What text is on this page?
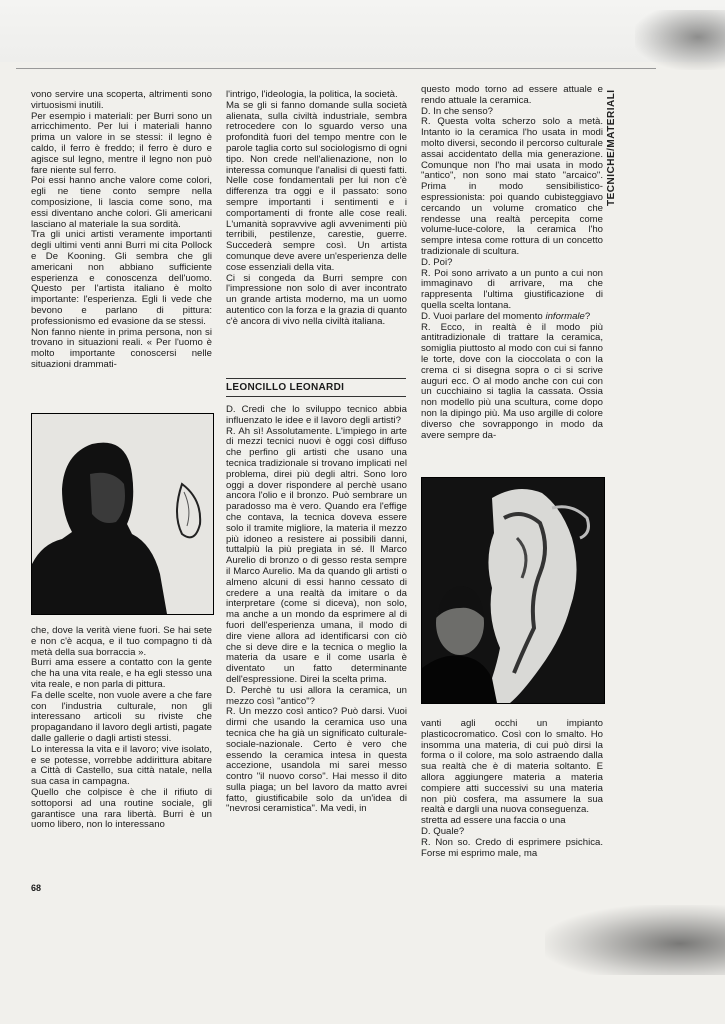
TECNICHE/MATERIALI

vono servire una scoperta, altrimenti sono virtuosismi inutili.

Per esempio i materiali: per Burri sono un arricchimento. Per lui i materiali hanno prima un valore in se stessi: il legno è caldo, il ferro è freddo; il ferro è duro e agisce sul legno, mentre il legno non può fare niente sul ferro.

Poi essi hanno anche valore come colori, egli ne tiene conto sempre nella composizione, li lascia come sono, ma essi diventano anche colori. Gli americani lasciano al materiale la sua sordità.

Tra gli unici artisti veramente importanti degli ultimi venti anni Burri mi cita Pollock e De Kooning. Gli sembra che gli americani non abbiano sufficiente esperienza e conoscenza dell'uomo. Questo per l'artista italiano è molto importante: l'esperienza. Egli li vede che bevono e parlano di pittura: professionismo ed evasione da se stessi.

Non fanno niente in prima persona, non si trovano in situazioni reali. « Per l'uomo è molto importante conoscersi nelle situazioni drammati-

che, dove la verità viene fuori. Se hai sete e non c'è acqua, e il tuo compagno ti dà metà della sua borraccia ».

Burri ama essere a contatto con la gente che ha una vita reale, e ha egli stesso una vita reale, e non parla di pittura.

Fa delle scelte, non vuole avere a che fare con l'industria culturale, non gli interessano articoli su riviste che propagandano il lavoro degli artisti, pagate dalle gallerie o dagli artisti stessi.

Lo interessa la vita e il lavoro; vive isolato, e se potesse, vorrebbe addirittura abitare a Città di Castello, sua città natale, nella sua casa in campagna.

Quello che colpisce è che il rifiuto di sottoporsi ad una routine sociale, gli garantisce una rara libertà. Burri è un uomo libero, non lo interessano

l'intrigo, l'ideologia, la politica, la società.

Ma se gli si fanno domande sulla società alienata, sulla civiltà industriale, sembra retrocedere con lo sguardo verso una profondità fuori del tempo mentre con le parole taglia corto sul sociologismo di ogni tipo. Non crede nell'alienazione, non lo interessa comunque l'analisi di questi fatti. Nelle cose fondamentali per lui non c'è differenza tra oggi e il passato: sono sempre importanti i sentimenti e i comportamenti di fronte alle cose reali. L'umanità sopravvive agli avvenimenti più terribili, pestilenze, carestie, guerre. Succederà sempre così. Un artista comunque deve avere un'esperienza delle cose essenziali della vita.

Ci si congeda da Burri sempre con l'impressione non solo di aver incontrato un grande artista moderno, ma un uomo autentico con la forza e la grazia di quanto c'è ancora di vivo nella civiltà italiana.

LEONCILLO LEONARDI

D. Credi che lo sviluppo tecnico abbia influenzato le idee e il lavoro degli artisti?

R. Ah sì! Assolutamente. L'impiego in arte di mezzi tecnici nuovi è oggi così diffuso che perfino gli artisti che usano una tecnica tradizionale si trovano implicati nel problema, direi più degli altri. Sono loro oggi a dover rispondere al perchè usano ancora l'olio e il bronzo. Può sembrare un paradosso ma è vero. Quando era l'effige che contava, la tecnica doveva essere solo il tramite migliore, la materia il mezzo più idoneo a resistere ai possibili danni, tuttalpiù la più pregiata in sé. Il Marco Aurelio di bronzo o di gesso resta sempre il Marco Aurelio. Ma da quando gli artisti o almeno alcuni di essi hanno cessato di credere a una realtà da imitare o da interpretare (come si diceva), non solo, ma anche a un mondo da esprimere al di fuori dell'esperienza umana, il modo di dire viene allora ad identificarsi con ciò che si deve dire e la tecnica o meglio la materia da usare e il come usarla è diventato un fatto determinante dell'espressione. Direi la scelta prima.

D. Perchè tu usi allora la ceramica, un mezzo così "antico"?

R. Un mezzo così antico? Può darsi. Vuoi dirmi che usando la ceramica uso una tecnica che ha già un significato culturale-sociale-nazionale. Certo è vero che essendo la ceramica intesa in questa accezione, usandola mi sarei messo contro "il nuovo corso". Hai messo il dito sulla piaga; un bel lavoro da matto avrei fatto, giustificabile solo da un'idea di "nevrosi ceramistica". Ma vedi, in

questo modo torno ad essere attuale e rendo attuale la ceramica.

D. In che senso?

R. Questa volta scherzo solo a metà. Intanto io la ceramica l'ho usata in modi molto diversi, secondo il percorso culturale assai accidentato della mia generazione. Comunque non l'ho mai usata in modo "antico", non sono mai stato "arcaico". Prima in modo sensibilistico-espressionista: poi quando cubisteggiavo cercando un volume cromatico che rendesse una realtà percepita come volume-luce-colore, la ceramica l'ho sempre intesa come rottura di un concetto tradizionale di scultura.

D. Poi?

R. Poi sono arrivato a un punto a cui non immaginavo di arrivare, ma che rappresenta l'ultima giustificazione di quella scelta lontana.

D. Vuoi parlare del momento informale?

R. Ecco, in realtà è il modo più antitradizionale di trattare la ceramica, somiglia piuttosto al modo con cui si fanno le torte, dove con la cioccolata o con la crema ci si disegna sopra o ci si scrive auguri ecc. O al modo anche con cui con un cucchiaino si taglia la cassata. Ossia non modello più una scultura, come dopo non la dipingo più. Ma uso argille di colore diverso che sovrappongo in modo da avere sempre da-

vanti agli occhi un impianto plasticocromatico. Così con lo smalto. Ho insomma una materia, di cui può dirsi la forma o il colore, ma solo astraendo dalla sua realtà che è di materia soltanto. E allora aggiungere materia a materia compiere atti successivi su una materia non più cosfera, ma assumere la sua realtà e dargli una nuova conseguenza.

stretta ad essere una faccia o una

D. Quale?

R. Non so. Credo di esprimere psichica. Forse mi esprimo male, ma

68
